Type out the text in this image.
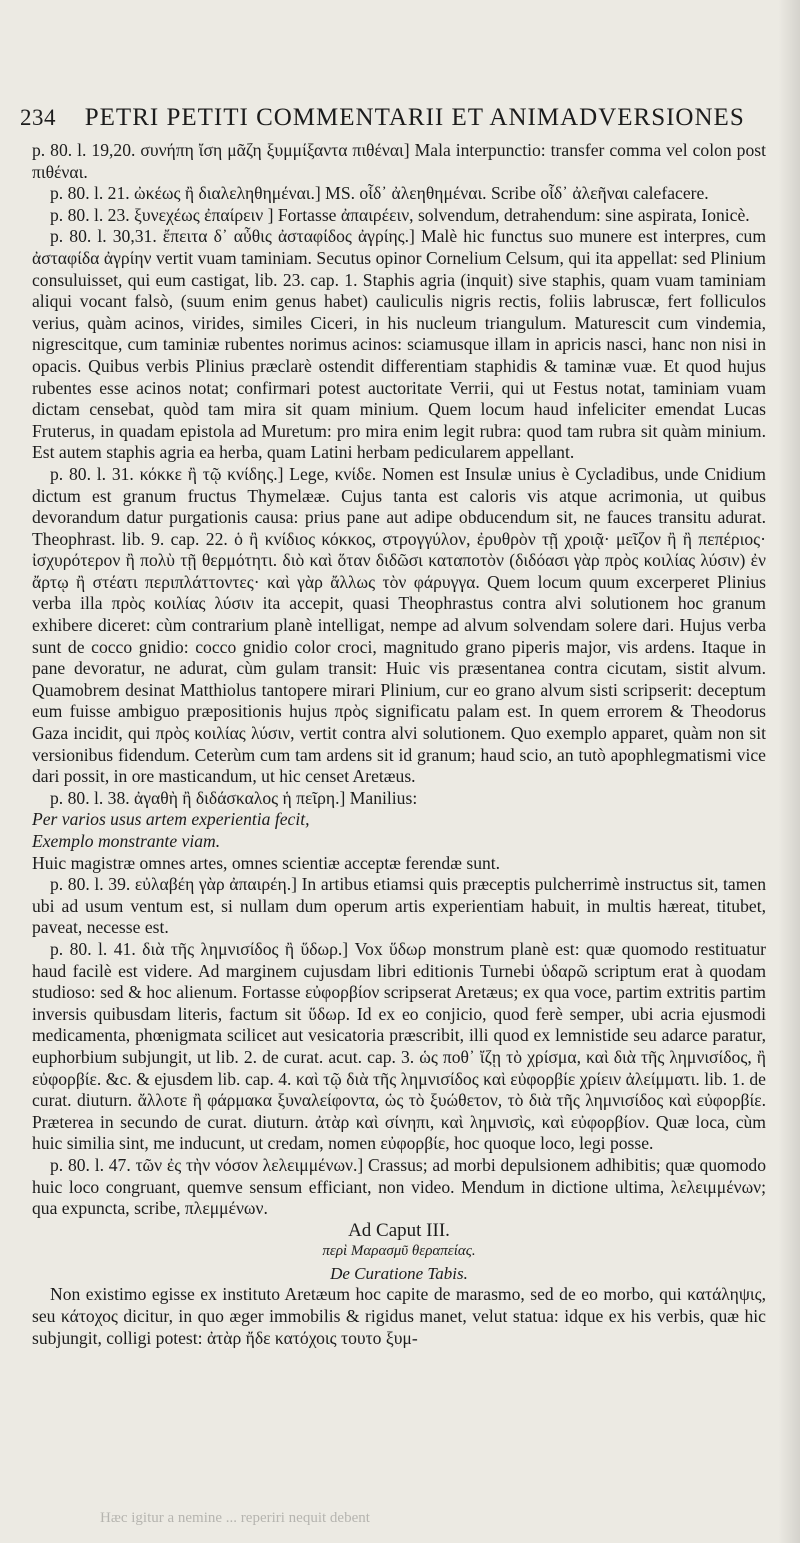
234 PETRI PETITI COMMENTARII ET ANIMADVERSIONES

p. 80. l. 19,20. συνήπη ἴση μᾶζη ξυμμίξαντα πιθέναι] Mala interpunctio: transfer comma vel colon post πιθέναι.

p. 80. l. 21. ὠκέως ἢ διαλεληθημέναι.] MS. οἷδ᾽ ἀλεηθημέναι. Scribe οἷδ᾽ ἀλεῆναι calefacere.

p. 80. l. 23. ξυνεχέως ἐπαίρειν ] Fortasse ἀπαιρέειν, solvendum, detrahendum: sine aspirata, Ionicè.

p. 80. l. 30,31. ἔπειτα δ᾽ αὖθις ἀσταφίδος ἀγρίης.] Malè hic functus suo munere est interpres, cum ἀσταφίδα ἀγρίην vertit vuam taminiam. Secutus opinor Cornelium Celsum, qui ita appellat: sed Plinium consuluisset, qui eum castigat, lib. 23. cap. 1. Staphis agria (inquit) sive staphis, quam vuam taminiam aliqui vocant falsò, (suum enim genus habet) cauliculis nigris rectis, foliis labruscæ, fert folliculos verius, quàm acinos, virides, similes Ciceri, in his nucleum triangulum. Maturescit cum vindemia, nigrescitque, cum taminiæ rubentes norimus acinos: sciamusque illam in apricis nasci, hanc non nisi in opacis. Quibus verbis Plinius præclarè ostendit differentiam staphidis & taminæ vuæ. Et quod hujus rubentes esse acinos notat; confirmari potest auctoritate Verrii, qui ut Festus notat, taminiam vuam dictam censebat, quòd tam mira sit quam minium. Quem locum haud infeliciter emendat Lucas Fruterus, in quadam epistola ad Muretum: pro mira enim legit rubra: quod tam rubra sit quàm minium. Est autem staphis agria ea herba, quam Latini herbam pedicularem appellant.

p. 80. l. 31. κόκκε ἢ τῷ κνίδης.] Lege, κνίδε. Nomen est Insulæ unius è Cycladibus, unde Cnidium dictum est granum fructus Thymelææ. Cujus tanta est caloris vis atque acrimonia, ut quibus devorandum datur purgationis causa: prius pane aut adipe obducendum sit, ne fauces transitu adurat. Theophrast. lib. 9. cap. 22. ὁ ἢ κνίδιος κόκκος, στρογγύλον, ἐρυθρὸν τῇ χροιᾷ· μεῖζον ἢ ἢ πεπέριος· ἰσχυρότερον ἢ πολὺ τῇ θερμότητι. διὸ καὶ ὅταν διδῶσι καταποτὸν (διδόασι γὰρ πρὸς κοιλίας λύσιν) ἐν ἄρτῳ ἢ στέατι περιπλάττοντες· καὶ γὰρ ἄλλως τὸν φάρυγγα. Quem locum quum excerperet Plinius verba illa πρὸς κοιλίας λύσιν ita accepit, quasi Theophrastus contra alvi solutionem hoc granum exhibere diceret: cùm contrarium planè intelligat, nempe ad alvum solvendam solere dari. Hujus verba sunt de cocco gnidio: cocco gnidio color croci, magnitudo grano piperis major, vis ardens. Itaque in pane devoratur, ne adurat, cùm gulam transit: Huic vis præsentanea contra cicutam, sistit alvum. Quamobrem desinat Matthiolus tantopere mirari Plinium, cur eo grano alvum sisti scripserit: deceptum eum fuisse ambiguo præpositionis hujus πρὸς significatu palam est. In quem errorem & Theodorus Gaza incidit, qui πρὸς κοιλίας λύσιν, vertit contra alvi solutionem. Quo exemplo apparet, quàm non sit versionibus fidendum. Ceterùm cum tam ardens sit id granum; haud scio, an tutò apophlegmatismi vice dari possit, in ore masticandum, ut hic censet Aretæus.

p. 80. l. 38. ἀγαθὴ ἢ διδάσκαλος ἡ πεῖρη.] Manilius:

Per varios usus artem experientia fecit,

Exemplo monstrante viam.

Huic magistræ omnes artes, omnes scientiæ acceptæ ferendæ sunt.

p. 80. l. 39. εὐλαβέη γὰρ ἀπαιρέη.] In artibus etiamsi quis præceptis pulcherrimè instructus sit, tamen ubi ad usum ventum est, si nullam dum operum artis experientiam habuit, in multis hæreat, titubet, paveat, necesse est.

p. 80. l. 41. διὰ τῆς λημνισίδος ἢ ὕδωρ.] Vox ὕδωρ monstrum planè est: quæ quomodo restituatur haud facilè est videre. Ad marginem cujusdam libri editionis Turnebi ὑδαρῶ scriptum erat à quodam studioso: sed & hoc alienum. Fortasse εὐφορβίον scripserat Aretæus; ex qua voce, partim extritis partim inversis quibusdam literis, factum sit ὕδωρ. Id ex eo conjicio, quod ferè semper, ubi acria ejusmodi medicamenta, phœnigmata scilicet aut vesicatoria præscribit, illi quod ex lemnistide seu adarce paratur, euphorbium subjungit, ut lib. 2. de curat. acut. cap. 3. ὡς ποθ᾽ ἴζῃ τὸ χρίσμα, καὶ διὰ τῆς λημνισίδος, ἢ εὐφορβίε. &c. & ejusdem lib. cap. 4. καὶ τῷ διὰ τῆς λημνισίδος καὶ εὐφορβίε χρίειν ἀλείμματι. lib. 1. de curat. diuturn. ἄλλοτε ἢ φάρμακα ξυναλείφοντα, ὡς τὸ ξυώθετον, τὸ διὰ τῆς λημνισίδος καὶ εὐφορβίε. Præterea in secundo de curat. diuturn. ἀτὰρ καὶ σίνηπι, καὶ λημνισὶς, καὶ εὐφορβίον. Quæ loca, cùm huic similia sint, me inducunt, ut credam, nomen εὐφορβίε, hoc quoque loco, legi posse.

p. 80. l. 47. τῶν ἐς τὴν νόσον λελειμμένων.] Crassus; ad morbi depulsionem adhibitis; quæ quomodo huic loco congruant, quemve sensum efficiant, non video. Mendum in dictione ultima, λελειμμένων; qua expuncta, scribe, πλεμμένων.

Ad Caput III.

περὶ Μαρασμῦ θεραπείας.

De Curatione Tabis.

Non existimo egisse ex instituto Aretæum hoc capite de marasmo, sed de eo morbo, qui κατάληψις, seu κάτοχος dicitur, in quo æger immobilis & rigidus manet, velut statua: idque ex his verbis, quæ hic subjungit, colligi potest: ἀτὰρ ἤδε κατόχοις τουτο ξυμ-

Hæc igitur a nemine ... reperiri nequit debent
